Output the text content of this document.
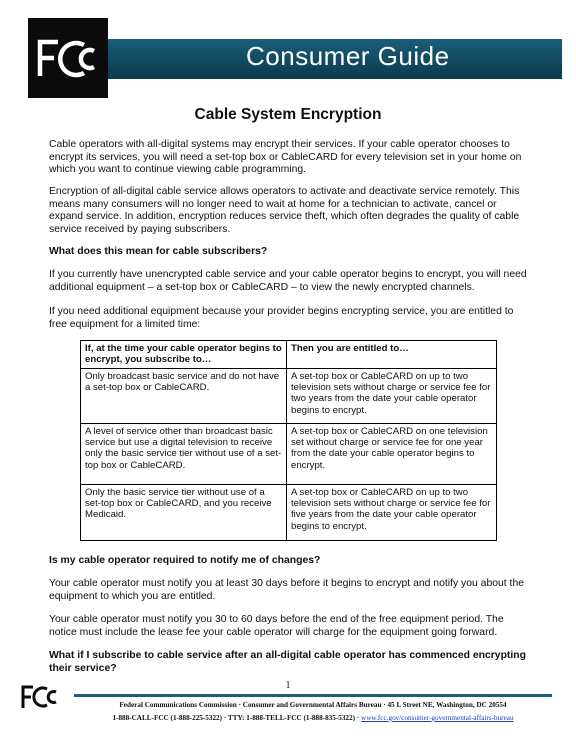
Consumer Guide
Cable System Encryption
Cable operators with all-digital systems may encrypt their services. If your cable operator chooses to encrypt its services, you will need a set-top box or CableCARD for every television set in your home on which you want to continue viewing cable programming.
Encryption of all-digital cable service allows operators to activate and deactivate service remotely. This means many consumers will no longer need to wait at home for a technician to activate, cancel or expand service. In addition, encryption reduces service theft, which often degrades the quality of cable service received by paying subscribers.
What does this mean for cable subscribers?
If you currently have unencrypted cable service and your cable operator begins to encrypt, you will need additional equipment – a set-top box or CableCARD – to view the newly encrypted channels.
If you need additional equipment because your provider begins encrypting service, you are entitled to free equipment for a limited time:
If, at the time your cable operator begins to encrypt, you subscribe to…	Then you are entitled to…
Only broadcast basic service and do not have a set-top box or CableCARD.	A set-top box or CableCARD on up to two television sets without charge or service fee for two years from the date your cable operator begins to encrypt.
A level of service other than broadcast basic service but use a digital television to receive only the basic service tier without use of a set-top box or CableCARD.	A set-top box or CableCARD on one television set without charge or service fee for one year from the date your cable operator begins to encrypt.
Only the basic service tier without use of a set-top box or CableCARD, and you receive Medicaid.	A set-top box or CableCARD on up to two television sets without charge or service fee for five years from the date your cable operator begins to encrypt.
Is my cable operator required to notify me of changes?
Your cable operator must notify you at least 30 days before it begins to encrypt and notify you about the equipment to which you are entitled.
Your cable operator must notify you 30 to 60 days before the end of the free equipment period. The notice must include the lease fee your cable operator will charge for the equipment going forward.
What if I subscribe to cable service after an all-digital cable operator has commenced encrypting their service?
1
Federal Communications Commission · Consumer and Governmental Affairs Bureau · 45 L Street NE, Washington, DC 20554
1-888-CALL-FCC (1-888-225-5322) · TTY: 1-888-TELL-FCC (1-888-835-5322) · www.fcc.gov/consumer-governmental-affairs-bureau
